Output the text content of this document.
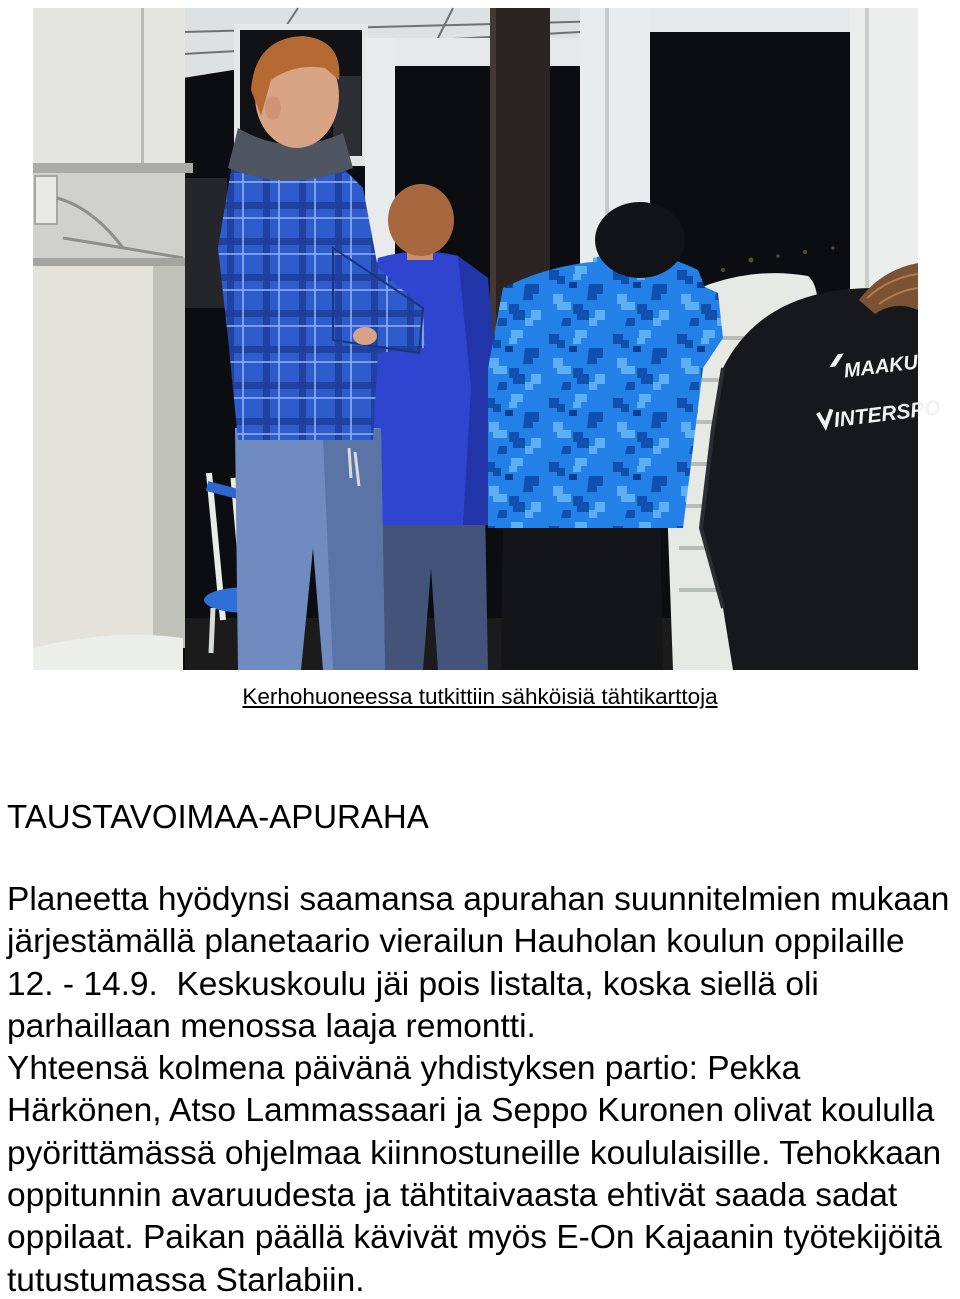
MAAKU
INTERSPO
Kerhohuoneessa tutkittiin sähköisiä tähtikarttoja
TAUSTAVOIMAA-APURAHA
Planeetta hyödynsi saamansa apurahan suunnitelmien mukaan
järjestämällä planetaario vierailun Hauholan koulun oppilaille
12. - 14.9.  Keskuskoulu jäi pois listalta, koska siellä oli
parhaillaan menossa laaja remontti.
Yhteensä kolmena päivänä yhdistyksen partio: Pekka
Härkönen, Atso Lammassaari ja Seppo Kuronen olivat koululla
pyörittämässä ohjelmaa kiinnostuneille koululaisille. Tehokkaan
oppitunnin avaruudesta ja tähtitaivaasta ehtivät saada sadat
oppilaat. Paikan päällä kävivät myös E-On Kajaanin työtekijöitä
tutustumassa Starlabiin.
